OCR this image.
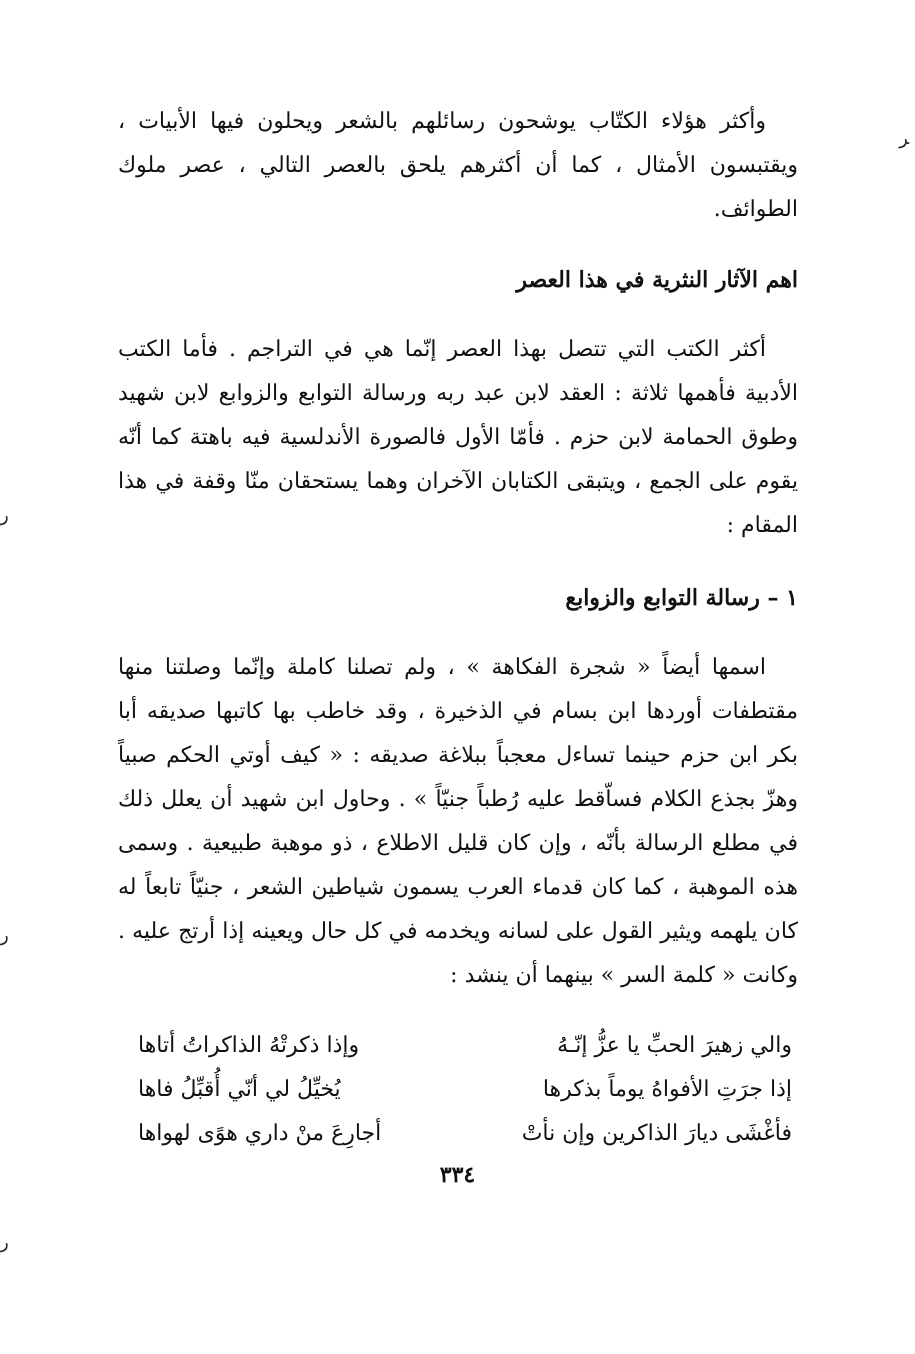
ﺮ
ﺭ
ﺭ
ﺭ

وأكثر هؤلاء الكتّاب يوشحون رسائلهم بالشعر ويحلون فيها الأبيات ، ويقتبسون الأمثال ، كما أن أكثرهم يلحق بالعصر التالي ، عصر ملوك الطوائف.

اهم الآثار النثرية في هذا العصر

أكثر الكتب التي تتصل بهذا العصر إنّما هي في التراجم . فأما الكتب الأدبية فأهمها ثلاثة : العقد لابن عبد ربه ورسالة التوابع والزوابع لابن شهيد وطوق الحمامة لابن حزم . فأمّا الأول فالصورة الأندلسية فيه باهتة كما أنّه يقوم على الجمع ، ويتبقى الكتابان الآخران وهما يستحقان منّا وقفة في هذا المقام :

١ – رسالة التوابع والزوابع

اسمها أيضاً « شجرة الفكاهة » ، ولم تصلنا كاملة وإنّما وصلتنا منها مقتطفات أوردها ابن بسام في الذخيرة ، وقد خاطب بها كاتبها صديقه أبا بكر ابن حزم حينما تساءل معجباً ببلاغة صديقه : « كيف أوتي الحكم صبياً وهزّ بجذع الكلام فساّقط عليه رُطباً جنيّاً » . وحاول ابن شهيد أن يعلل ذلك في مطلع الرسالة بأنّه ، وإن كان قليل الاطلاع ، ذو موهبة طبيعية . وسمى هذه الموهبة ، كما كان قدماء العرب يسمون شياطين الشعر ، جنيّاً تابعاً له كان يلهمه ويثير القول على لسانه ويخدمه في كل حال ويعينه إذا أرتج عليه . وكانت « كلمة السر » بينهما أن ينشد :

والي زهيرَ الحبِّ يا عزُّ إنّـهُ
وإذا ذكرتْهُ الذاكراتُ أتاها
إذا جرَتِ الأفواهُ يوماً بذكرها
يُخيِّلُ لي أنّي أُقبِّلُ فاها
فأغْشَى ديارَ الذاكرين وإن نأتْ
أجارِعَ منْ داري هوًى لهواها
٣٣٤
